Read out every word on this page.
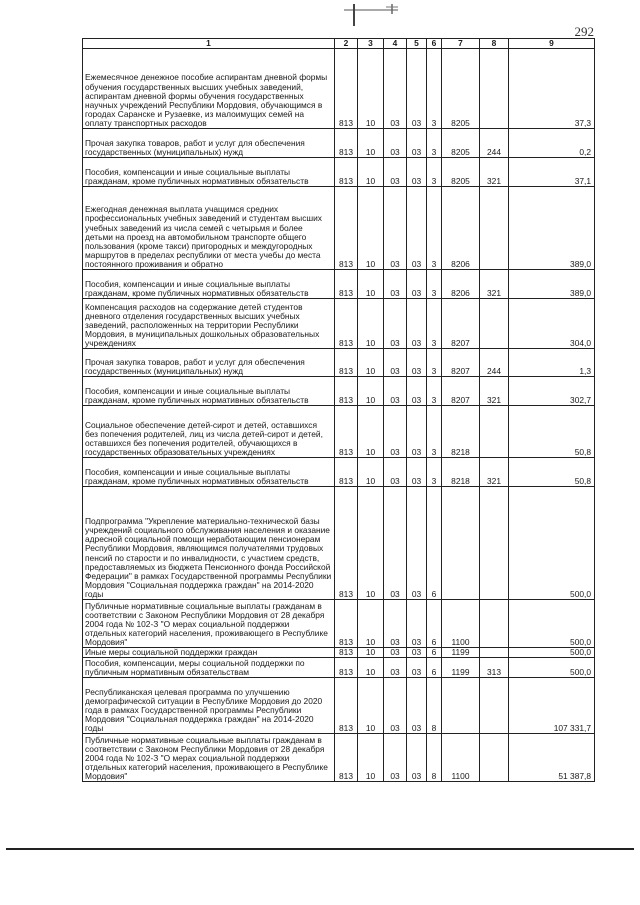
292
1	2	3	4	5	6	7	8	9
Ежемесячное денежное пособие аспирантам дневной формы обучения государственных высших учебных заведений, аспирантам дневной формы обучения государственных научных учреждений Республики Мордовия, обучающимся в городах Саранске и Рузаевке, из малоимущих семей на оплату транспортных расходов	813	10	03	03	3	8205		37,3
Прочая закупка товаров, работ и услуг для обеспечения государственных (муниципальных) нужд	813	10	03	03	3	8205	244	0,2
Пособия, компенсации и иные социальные выплаты гражданам, кроме публичных нормативных обязательств	813	10	03	03	3	8205	321	37,1
Ежегодная денежная выплата учащимся средних профессиональных учебных заведений и студентам высших учебных заведений из числа семей с четырьмя и более детьми на проезд на автомобильном транспорте общего пользования (кроме такси) пригородных и междугородных маршрутов в пределах республики от места учебы до места постоянного проживания и обратно	813	10	03	03	3	8206		389,0
Пособия, компенсации и иные социальные выплаты гражданам, кроме публичных нормативных обязательств	813	10	03	03	3	8206	321	389,0
Компенсация расходов на содержание детей студентов дневного отделения государственных высших учебных заведений, расположенных на территории Республики Мордовия, в муниципальных дошкольных образовательных учреждениях	813	10	03	03	3	8207		304,0
Прочая закупка товаров, работ и услуг для обеспечения государственных (муниципальных) нужд	813	10	03	03	3	8207	244	1,3
Пособия, компенсации и иные социальные выплаты гражданам, кроме публичных нормативных обязательств	813	10	03	03	3	8207	321	302,7
Социальное обеспечение детей-сирот и детей, оставшихся без попечения родителей, лиц из числа детей-сирот и детей, оставшихся без попечения родителей, обучающихся в государственных образовательных учреждениях	813	10	03	03	3	8218		50,8
Пособия, компенсации и иные социальные выплаты гражданам, кроме публичных нормативных обязательств	813	10	03	03	3	8218	321	50,8
Подпрограмма "Укрепление материально-технической базы учреждений социального обслуживания населения и оказание адресной социальной помощи неработающим пенсионерам Республики Мордовия, являющимся получателями трудовых пенсий по старости и по инвалидности, с участием средств, предоставляемых из бюджета Пенсионного фонда Российской Федерации" в рамках Государственной программы Республики Мордовия "Социальная поддержка граждан" на 2014-2020 годы	813	10	03	03	6			500,0
Публичные нормативные социальные выплаты гражданам в соответствии с Законом Республики Мордовия от 28 декабря 2004 года № 102-З "О мерах социальной поддержки отдельных категорий населения, проживающего в Республике Мордовия"	813	10	03	03	6	1100		500,0
Иные меры социальной поддержки граждан	813	10	03	03	6	1199		500,0
Пособия, компенсации, меры социальной поддержки по публичным нормативным обязательствам	813	10	03	03	6	1199	313	500,0
Республиканская целевая программа по улучшению демографической ситуации в Республике Мордовия до 2020 года в рамках Государственной программы Республики Мордовия "Социальная поддержка граждан" на 2014-2020 годы	813	10	03	03	8			107 331,7
Публичные нормативные социальные выплаты гражданам в соответствии с Законом Республики Мордовия от 28 декабря 2004 года № 102-З "О мерах социальной поддержки отдельных категорий населения, проживающего в Республике Мордовия"	813	10	03	03	8	1100		51 387,8
